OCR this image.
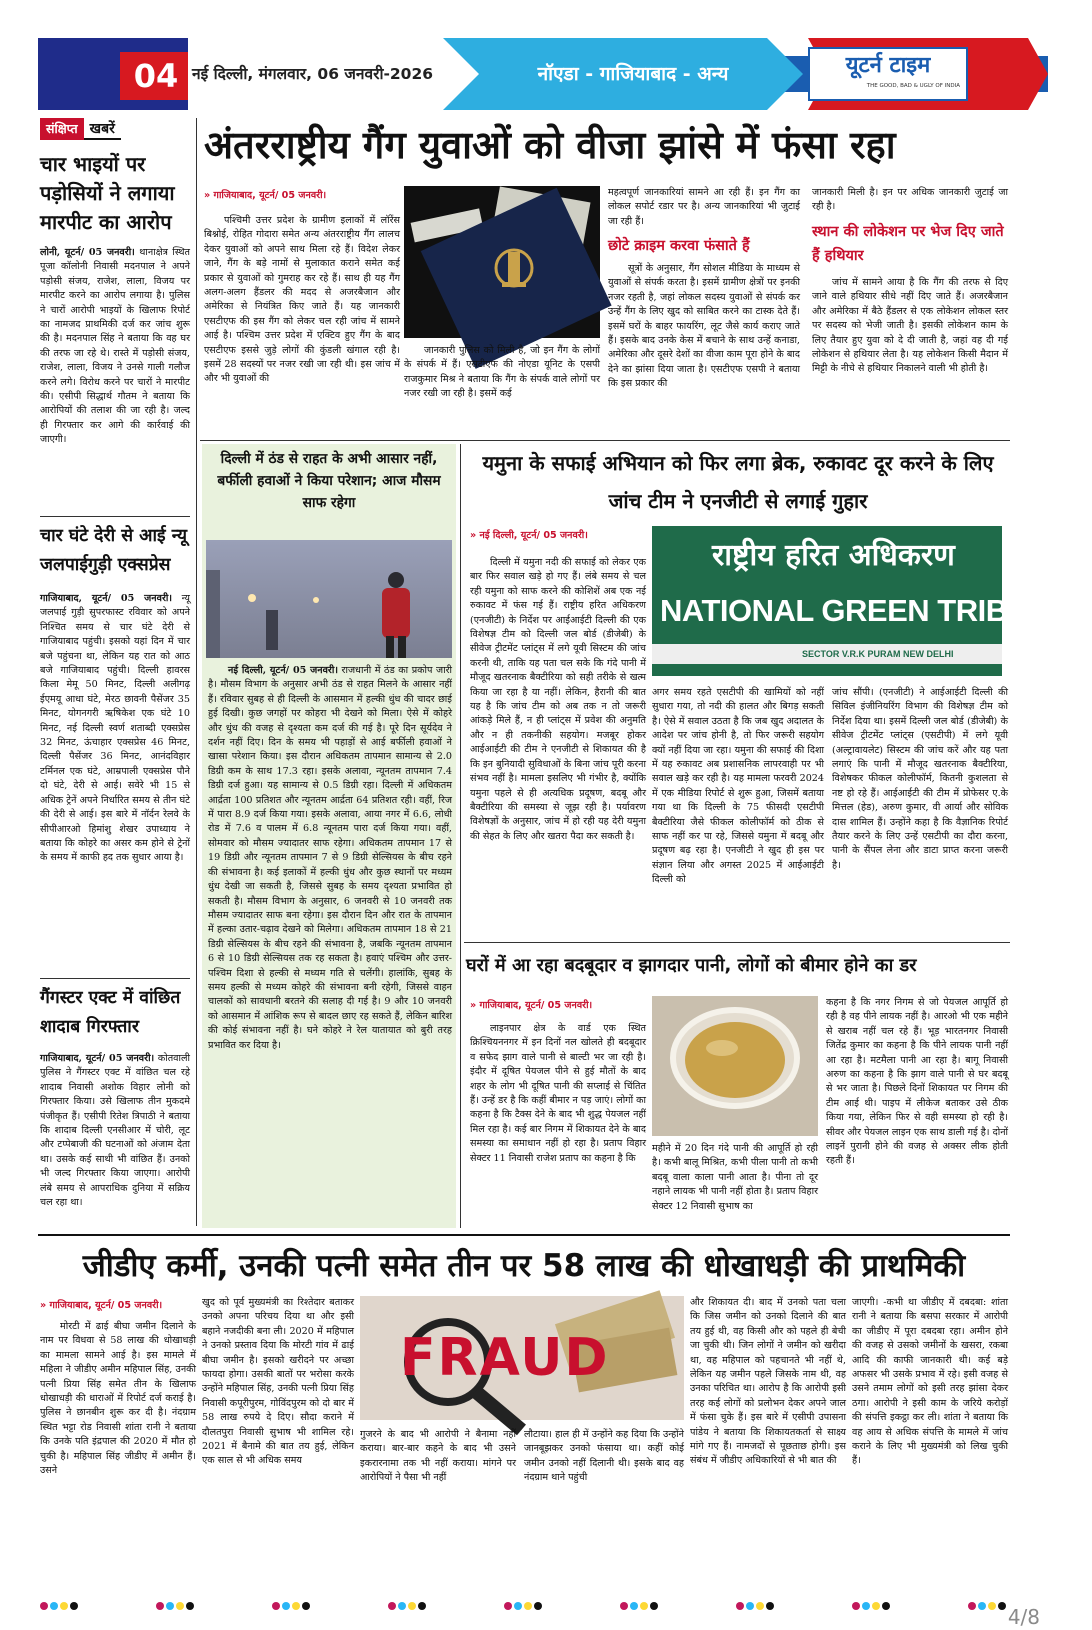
04 नई दिल्ली, मंगलवार, 06 जनवरी-2026	नॉएडा - गाजियाबाद - अन्य	यूटर्न टाइम
THE GOOD, BAD & UGLY OF INDIA
संक्षिप्त खबरें
चार भाइयों पर पड़ोसियों ने लगाया मारपीट का आरोप
लोनी, यूटर्न/ 05 जनवरी। थानाक्षेत्र स्थित पूजा कॉलोनी निवासी मदनपाल ने अपने पड़ोसी संजय, राजेश, लाला, विजय पर मारपीट करने का आरोप लगाया है। पुलिस ने चारों आरोपी भाइयों के खिलाफ रिपोर्ट का नामजद प्राथमिकी दर्ज कर जांच शुरू की है। मदनपाल सिंह ने बताया कि वह घर की तरफ जा रहे थे। रास्ते में पड़ोसी संजय, राजेश, लाला, विजय ने उनसे गाली गलौज करने लगे। विरोध करने पर चारों ने मारपीट की। एसीपी सिद्धार्थ गौतम ने बताया कि आरोपियों की तलाश की जा रही है। जल्द ही गिरफ्तार कर आगे की कार्रवाई की जाएगी।
चार घंटे देरी से आई न्यू जलपाईगुड़ी एक्सप्रेस
गाजियाबाद, यूटर्न/ 05 जनवरी। न्यू जलपाई गुड़ी सुपरफास्ट रविवार को अपने निश्चित समय से चार घंटे देरी से गाजियाबाद पहुंची। इसको यहां दिन में चार बजे पहुंचना था, लेकिन यह रात को आठ बजे गाजियाबाद पहुंची। दिल्ली हावरस किला मेमू 50 मिनट, दिल्ली अलीगढ़ ईएमयू आधा घंटे, मेरठ छावनी पैसेंजर 35 मिनट, योगनगरी ऋषिकेश एक घंटे 10 मिनट, नई दिल्ली स्वर्ण शताब्दी एक्सप्रेस 32 मिनट, ऊंचाहार एक्सप्रेस 46 मिनट, दिल्ली पैसेंजर 36 मिनट, आनंदविहार टर्मिनल एक घंटे, आम्रपाली एक्सप्रेस पौने दो घंटे, देरी से आई। सवेरे भी 15 से अधिक ट्रेनें अपने निर्धारित समय से तीन घंटे की देरी से आई। इस बारे में नॉर्दन रेलवे के सीपीआरओ हिमांशु शेखर उपाध्याय ने बताया कि कोहरे का असर कम होने से ट्रेनों के समय में काफी हद तक सुधार आया है।
गैंगस्टर एक्ट में वांछित शादाब गिरफ्तार
गाजियाबाद, यूटर्न/ 05 जनवरी। कोतवाली पुलिस ने गैंगस्टर एक्ट में वांछित चल रहे शादाब निवासी अशोक विहार लोनी को गिरफ्तार किया। उसे खिलाफ तीन मुकदमे पंजीकृत हैं। एसीपी रितेश त्रिपाठी ने बताया कि शादाब दिल्ली एनसीआर में चोरी, लूट और टप्पेबाजी की घटनाओं को अंजाम देता था। उसके कई साथी भी वांछित हैं। उनको भी जल्द गिरफ्तार किया जाएगा। आरोपी लंबे समय से आपराधिक दुनिया में सक्रिय चल रहा था।
अंतरराष्ट्रीय गैंग युवाओं को वीजा झांसे में फंसा रहा
» गाजियाबाद, यूटर्न/ 05 जनवरी।
पश्चिमी उत्तर प्रदेश के ग्रामीण इलाकों में लॉरेंस बिश्नोई, रोहित गोदारा समेत अन्य अंतरराष्ट्रीय गैंग लालच देकर युवाओं को अपने साथ मिला रहे हैं। विदेश लेकर जाने, गैंग के बड़े नामों से मुलाकात कराने समेत कई प्रकार से युवाओं को गुमराह कर रहे हैं। साथ ही यह गैंग अलग-अलग हैंडलर की मदद से अजरबैजान और अमेरिका से नियंत्रित किए जाते हैं। यह जानकारी एसटीएफ की इस गैंग को लेकर चल रही जांच में सामने आई है। पश्चिम उत्तर प्रदेश में एक्टिव हुए गैंग के बाद एसटीएफ इससे जुड़े लोगों की कुंडली खंगाल रही है। इसमें 28 सदस्यों पर नजर रखी जा रही थी। इस जांच में और भी युवाओं की
जानकारी पुलिस को मिली है, जो इन गैंग के लोगों के संपर्क में हैं। एसटीएफ की नोएडा यूनिट के एसपी राजकुमार मिश्र ने बताया कि गैंग के संपर्क वाले लोगों पर नजर रखी जा रही है। इसमें कई
महत्वपूर्ण जानकारियां सामने आ रही हैं। इन गैंग का लोकल सपोर्ट रडार पर है। अन्य जानकारियां भी जुटाई जा रही हैं।
छोटे क्राइम करवा फंसाते हैं
सूत्रों के अनुसार, गैंग सोशल मीडिया के माध्यम से युवाओं से संपर्क करता है। इसमें ग्रामीण क्षेत्रों पर इनकी नजर रहती है, जहां लोकल सदस्य युवाओं से संपर्क कर उन्हें गैंग के लिए खुद को साबित करने का टास्क देते हैं। इसमें घरों के बाहर फायरिंग, लूट जैसे कार्य कराए जाते हैं। इसके बाद उनके केस में बचाने के साथ उन्हें कनाडा, अमेरिका और दूसरे देशों का वीजा काम पूरा होने के बाद देने का झांसा दिया जाता है। एसटीएफ एसपी ने बताया कि इस प्रकार की
जानकारी मिली है। इन पर अधिक जानकारी जुटाई जा रही है।
स्थान की लोकेशन पर भेज दिए जाते हैं हथियार
जांच में सामने आया है कि गैंग की तरफ से दिए जाने वाले हथियार सीधे नहीं दिए जाते हैं। अजरबैजान और अमेरिका में बैठे हैंडलर से एक लोकेशन लोकल स्तर पर सदस्य को भेजी जाती है। इसकी लोकेशन काम के लिए तैयार हुए युवा को दे दी जाती है, जहां वह दी गई लोकेशन से हथियार लेता है। यह लोकेशन किसी मैदान में मिट्टी के नीचे से हथियार निकालने वाली भी होती है।
दिल्ली में ठंड से राहत के अभी आसार नहीं, बर्फीली हवाओं ने किया परेशान; आज मौसम साफ रहेगा
नई दिल्ली, यूटर्न/ 05 जनवरी। राजधानी में ठंड का प्रकोप जारी है। मौसम विभाग के अनुसार अभी ठंड से राहत मिलने के आसार नहीं हैं। रविवार सुबह से ही दिल्ली के आसमान में हल्की धुंध की चादर छाई हुई दिखी। कुछ जगहों पर कोहरा भी देखने को मिला। ऐसे में कोहरे और धुंध की वजह से दृश्यता कम दर्ज की गई है। पूरे दिन सूर्यदेव ने दर्शन नहीं दिए। दिन के समय भी पहाड़ों से आई बर्फीली हवाओं ने खासा परेशान किया। इस दौरान अधिकतम तापमान सामान्य से 2.0 डिग्री कम के साथ 17.3 रहा। इसके अलावा, न्यूनतम तापमान 7.4 डिग्री दर्ज हुआ। यह सामान्य से 0.5 डिग्री रहा। दिल्ली में अधिकतम आर्द्रता 100 प्रतिशत और न्यूनतम आर्द्रता 64 प्रतिशत रही। वहीं, रिज में पारा 8.9 दर्ज किया गया। इसके अलावा, आया नगर में 6.6, लोधी रोड में 7.6 व पालम में 6.8 न्यूनतम पारा दर्ज किया गया। वहीं, सोमवार को मौसम ज्यादातर साफ रहेगा। अधिकतम तापमान 17 से 19 डिग्री और न्यूनतम तापमान 7 से 9 डिग्री सेल्सियस के बीच रहने की संभावना है। कई इलाकों में हल्की धुंध और कुछ स्थानों पर मध्यम धुंध देखी जा सकती है, जिससे सुबह के समय दृश्यता प्रभावित हो सकती है। मौसम विभाग के अनुसार, 6 जनवरी से 10 जनवरी तक मौसम ज्यादातर साफ बना रहेगा। इस दौरान दिन और रात के तापमान में हल्का उतार-चढ़ाव देखने को मिलेगा। अधिकतम तापमान 18 से 21 डिग्री सेल्सियस के बीच रहने की संभावना है, जबकि न्यूनतम तापमान 6 से 10 डिग्री सेल्सियस तक रह सकता है। हवाएं पश्चिम और उत्तर-पश्चिम दिशा से हल्की से मध्यम गति से चलेंगी। हालांकि, सुबह के समय हल्की से मध्यम कोहरे की संभावना बनी रहेगी, जिससे वाहन चालकों को सावधानी बरतने की सलाह दी गई है। 9 और 10 जनवरी को आसमान में आंशिक रूप से बादल छाए रह सकते हैं, लेकिन बारिश की कोई संभावना नहीं है। घने कोहरे ने रेल यातायात को बुरी तरह प्रभावित कर दिया है।
यमुना के सफाई अभियान को फिर लगा ब्रेक, रुकावट दूर करने के लिए जांच टीम ने एनजीटी से लगाई गुहार
» नई दिल्ली, यूटर्न/ 05 जनवरी।
दिल्ली में यमुना नदी की सफाई को लेकर एक बार फिर सवाल खड़े हो गए हैं। लंबे समय से चल रही यमुना को साफ करने की कोशिशें अब एक नई रुकावट में फंस गई हैं। राष्ट्रीय हरित अधिकरण (एनजीटी) के निर्देश पर आईआईटी दिल्ली की एक विशेषज्ञ टीम को दिल्ली जल बोर्ड (डीजेबी) के सीवेज ट्रीटमेंट प्लांट्स में लगे यूवी सिस्टम की जांच करनी थी, ताकि यह पता चल सके कि गंदे पानी में मौजूद खतरनाक बैक्टीरिया को सही तरीके से खत्म किया जा रहा है या नहीं। लेकिन, हैरानी की बात यह है कि जांच टीम को अब तक न तो जरूरी आंकड़े मिले हैं, न ही प्लांट्स में प्रवेश की अनुमति और न ही तकनीकी सहयोग। मजबूर होकर आईआईटी की टीम ने एनजीटी से शिकायत की है कि इन बुनियादी सुविधाओं के बिना जांच पूरी करना संभव नहीं है। मामला इसलिए भी गंभीर है, क्योंकि यमुना पहले से ही अत्यधिक प्रदूषण, बदबू और बैक्टीरिया की समस्या से जूझ रही है। पर्यावरण विशेषज्ञों के अनुसार, जांच में हो रही यह देरी यमुना की सेहत के लिए और खतरा पैदा कर सकती है।
राष्ट्रीय हरित अधिकरण
NATIONAL GREEN TRIBUNAL
SECTOR V.R.K PURAM NEW DELHI
अगर समय रहते एसटीपी की खामियों को नहीं सुधारा गया, तो नदी की हालत और बिगड़ सकती है। ऐसे में सवाल उठता है कि जब खुद अदालत के आदेश पर जांच होनी है, तो फिर जरूरी सहयोग क्यों नहीं दिया जा रहा। यमुना की सफाई की दिशा में यह रुकावट अब प्रशासनिक लापरवाही पर भी सवाल खड़े कर रही है। यह मामला फरवरी 2024 में एक मीडिया रिपोर्ट से शुरू हुआ, जिसमें बताया गया था कि दिल्ली के 75 फीसदी एसटीपी बैक्टीरिया जैसे फीकल कोलीफॉर्म को ठीक से साफ नहीं कर पा रहे, जिससे यमुना में बदबू और प्रदूषण बढ़ रहा है। एनजीटी ने खुद ही इस पर संज्ञान लिया और अगस्त 2025 में आईआईटी दिल्ली को
जांच सौंपी। (एनजीटी) ने आईआईटी दिल्ली की सिविल इंजीनियरिंग विभाग की विशेषज्ञ टीम को निर्देश दिया था। इसमें दिल्ली जल बोर्ड (डीजेबी) के सीवेज ट्रीटमेंट प्लांट्स (एसटीपी) में लगे यूवी (अल्ट्रावायलेट) सिस्टम की जांच करें और यह पता लगाएं कि पानी में मौजूद खतरनाक बैक्टीरिया, विशेषकर फीकल कोलीफॉर्म, कितनी कुशलता से नष्ट हो रहे हैं। आईआईटी की टीम में प्रोफेसर ए.के मित्तल (हेड), अरुण कुमार, वी आर्या और सोविक दास शामिल हैं। उन्होंने कहा है कि वैज्ञानिक रिपोर्ट तैयार करने के लिए उन्हें एसटीपी का दौरा करना, पानी के सैंपल लेना और डाटा प्राप्त करना जरूरी है।
घरों में आ रहा बदबूदार व झागदार पानी, लोगों को बीमार होने का डर
» गाजियाबाद, यूटर्न/ 05 जनवरी।
लाइनपार क्षेत्र के वार्ड एक स्थित क्रिश्चियननगर में इन दिनों नल खोलते ही बदबूदार व सफेद झाग वाले पानी से बाल्टी भर जा रही है। इंदौर में दूषित पेयजल पीने से हुई मौतों के बाद शहर के लोग भी दूषित पानी की सप्लाई से चिंतित हैं। उन्हें डर है कि कहीं बीमार न पड़ जाएं। लोगों का कहना है कि टैक्स देने के बाद भी शुद्ध पेयजल नहीं मिल रहा है। कई बार निगम में शिकायत देने के बाद समस्या का समाधान नहीं हो रहा है। प्रताप विहार सेक्टर 11 निवासी राजेश प्रताप का कहना है कि
महीने में 20 दिन गंदे पानी की आपूर्ति हो रही है। कभी बालू मिश्रित, कभी पीला पानी तो कभी बदबू वाला काला पानी आता है। पीना तो दूर नहाने लायक भी पानी नहीं होता है। प्रताप विहार सेक्टर 12 निवासी सुभाष का
कहना है कि नगर निगम से जो पेयजल आपूर्ति हो रही है वह पीने लायक नहीं है। आरओ भी एक महीने से खराब नहीं चल रहे हैं। भूड़ भारतनगर निवासी जितेंद्र कुमार का कहना है कि पीने लायक पानी नहीं आ रहा है। मटमैला पानी आ रहा है। बागू निवासी अरुण का कहना है कि झाग वाले पानी से घर बदबू से भर जाता है। पिछले दिनों शिकायत पर निगम की टीम आई थी। पाइप में लीकेज बताकर उसे ठीक किया गया, लेकिन फिर से वही समस्या हो रही है। सीवर और पेयजल लाइन एक साथ डाली गई है। दोनों लाइनें पुरानी होने की वजह से अक्सर लीक होती रहती हैं।
जीडीए कर्मी, उनकी पत्नी समेत तीन पर 58 लाख की धोखाधड़ी की प्राथमिकी
» गाजियाबाद, यूटर्न/ 05 जनवरी।
मोरटी में ढाई बीघा जमीन दिलाने के नाम पर विधवा से 58 लाख की धोखाधड़ी का मामला सामने आई है। इस मामले में महिला ने जीडीए अमीन महिपाल सिंह, उनकी पत्नी प्रिया सिंह समेत तीन के खिलाफ धोखाधड़ी की धाराओं में रिपोर्ट दर्ज कराई है। पुलिस ने छानबीन शुरू कर दी है। नंदग्राम स्थित भट्टा रोड निवासी शांता रानी ने बताया कि उनके पति इंद्रपाल की 2020 में मौत हो चुकी है। महिपाल सिंह जीडीए में अमीन हैं। उसने
खुद को पूर्व मुख्यमंत्री का रिश्तेदार बताकर उनको अपना परिचय दिया था और इसी बहाने नजदीकी बना ली। 2020 में महिपाल ने उनको प्रस्ताव दिया कि मोरटी गांव में ढाई बीघा जमीन है। इसको खरीदने पर अच्छा फायदा होगा। उसकी बातों पर भरोसा करके उन्होंने महिपाल सिंह, उनकी पत्नी प्रिया सिंह निवासी कपूरीपुरम, गोविंदपुरम को दो बार में 58 लाख रुपये दे दिए। सौदा कराने में दौलतपुरा निवासी सुभाष भी शामिल रहे। 2021 में बैनामे की बात तय हुई, लेकिन एक साल से भी अधिक समय
FRAUD
गुजरने के बाद भी आरोपी ने बैनामा नहीं कराया। बार-बार कहने के बाद भी उसने इकरारनामा तक भी नहीं कराया। मांगने पर आरोपियों ने पैसा भी नहीं
लौटाया। हाल ही में उन्होंने कह दिया कि उन्होंने जानबूझकर उनको फंसाया था। कहीं कोई जमीन उनको नहीं दिलानी थी। इसके बाद वह नंदग्राम थाने पहुंची
और शिकायत दी। बाद में उनको पता चला कि जिस जमीन को उनको दिलाने की बात तय हुई थी, वह किसी और को पहले ही बेची जा चुकी थी। जिन लोगों ने जमीन को खरीदा था, वह महिपाल को पहचानते भी नहीं थे, लेकिन यह जमीन पहले जिसके नाम थी, वह उनका परिचित था। आरोप है कि आरोपी इसी तरह कई लोगों को प्रलोभन देकर अपने जाल में फंसा चुके हैं। इस बारे में एसीपी उपासना पांडेय ने बताया कि शिकायतकर्ता से साक्ष्य मांगे गए हैं। नामजदों से पूछताछ होगी। इस संबंध में जीडीए अधिकारियों से भी बात की
जाएगी। -कभी था जीडीए में दबदबा: शांता रानी ने बताया कि बसपा सरकार में आरोपी का जीडीए में पूरा दबदबा रहा। अमीन होने की वजह से उसको जमीनों के खसरा, रकबा आदि की काफी जानकारी थी। कई बड़े अफसर भी उसके प्रभाव में रहे। इसी वजह से उसने तमाम लोगों को इसी तरह झांसा देकर ठगा। आरोपी ने इसी काम के जरिये करोड़ों की संपत्ति इकट्ठा कर ली। शांता ने बताया कि वह आय से अधिक संपत्ति के मामले में जांच कराने के लिए भी मुख्यमंत्री को लिख चुकी हैं।
4/8
